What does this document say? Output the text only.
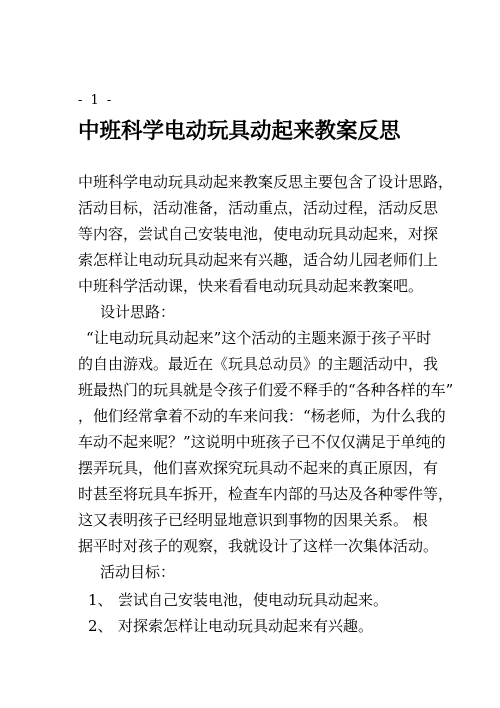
- 1 -
中班科学电动玩具动起来教案反思
中班科学电动玩具动起来教案反思主要包含了设计思路，
活动目标，活动准备，活动重点，活动过程，活动反思
等内容，尝试自己安装电池，使电动玩具动起来，对探
索怎样让电动玩具动起来有兴趣，适合幼儿园老师们上
中班科学活动课，快来看看电动玩具动起来教案吧。
设计思路：
“让电动玩具动起来”这个活动的主题来源于孩子平时
的自由游戏。最近在《玩具总动员》的主题活动中，我
班最热门的玩具就是令孩子们爱不释手的“各种各样的车”
，他们经常拿着不动的车来问我：“杨老师，为什么我的
车动不起来呢？”这说明中班孩子已不仅仅满足于单纯的
摆弄玩具，他们喜欢探究玩具动不起来的真正原因，有
时甚至将玩具车拆开，检查车内部的马达及各种零件等，
这又表明孩子已经明显地意识到事物的因果关系。 根
据平时对孩子的观察，我就设计了这样一次集体活动。
活动目标：
1、 尝试自己安装电池，使电动玩具动起来。
2、 对探索怎样让电动玩具动起来有兴趣。
